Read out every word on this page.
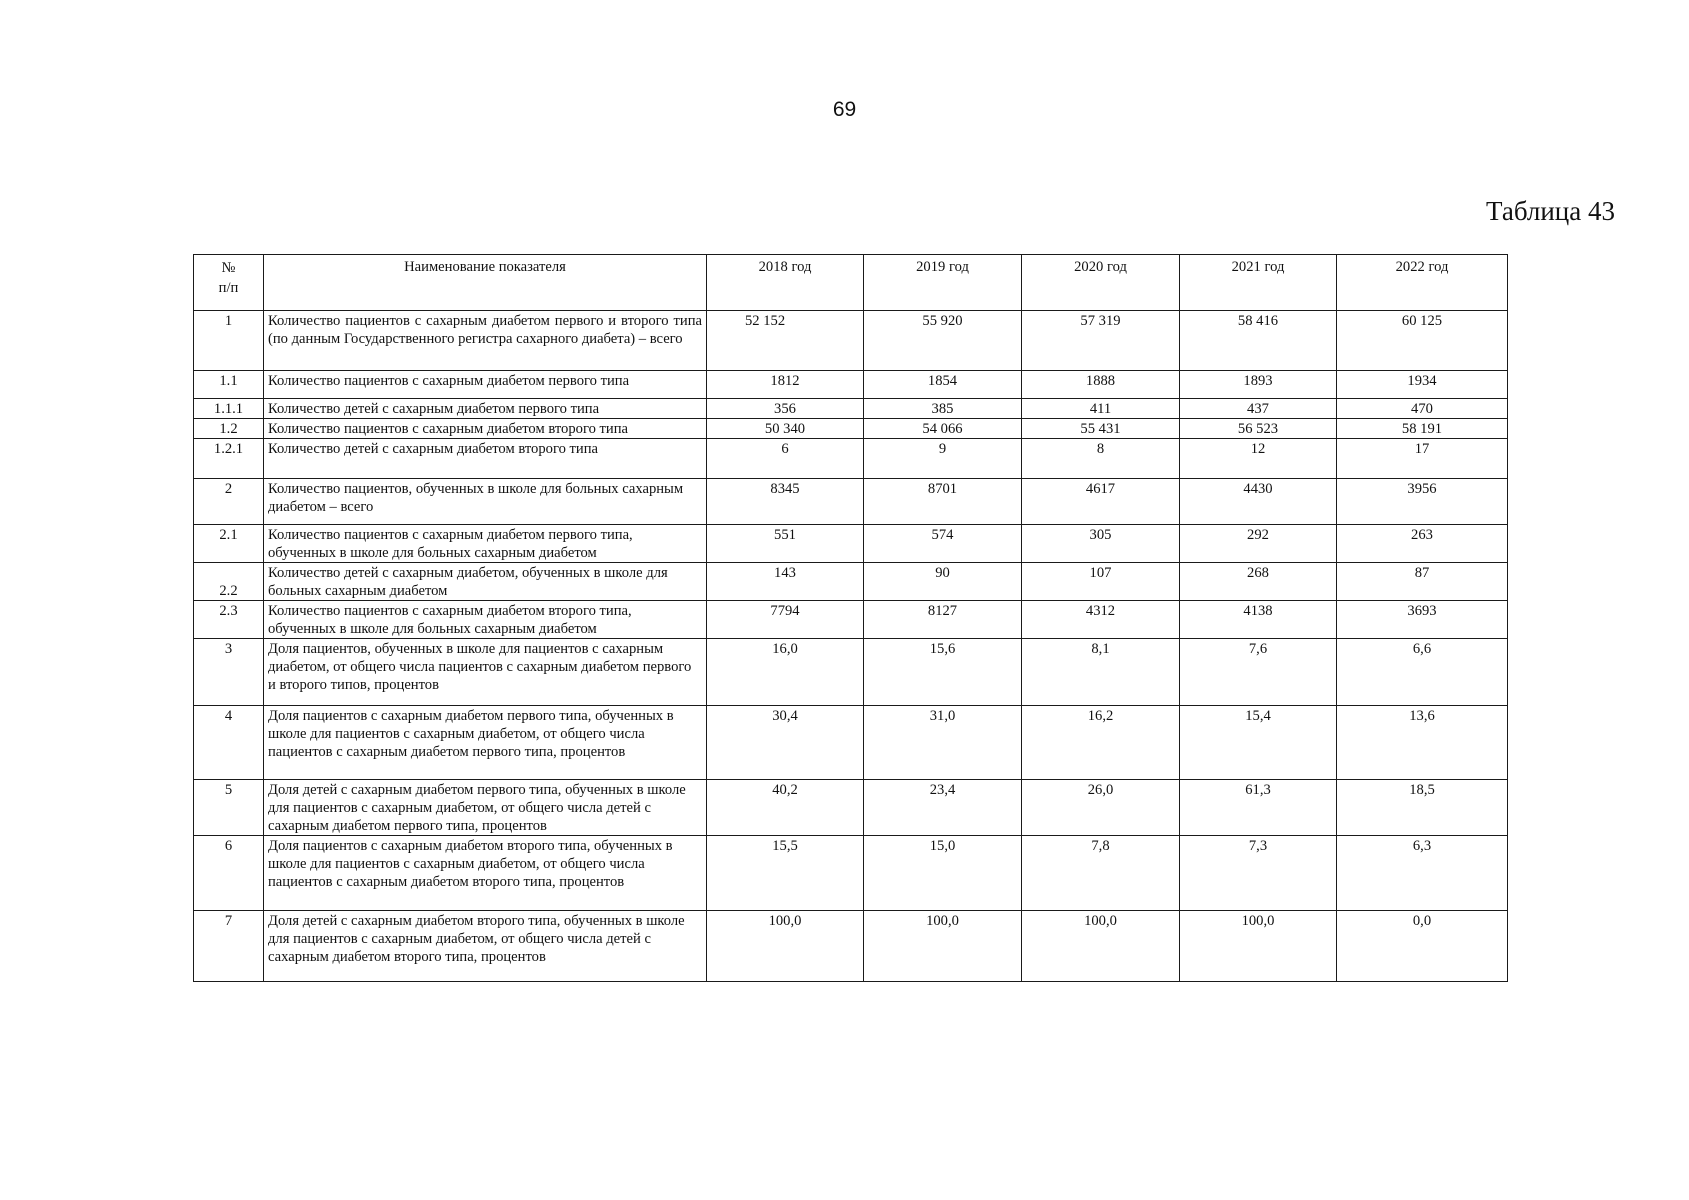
69
Таблица 43
№
п/п	Наименование показателя	2018 год	2019 год	2020 год	2021 год	2022 год
1	Количество пациентов с сахарным диабетом первого и второго типа (по данным Государственного регистра сахарного диабета) – всего	52 152	55 920	57 319	58 416	60 125
1.1	Количество пациентов с сахарным диабетом первого типа	1812	1854	1888	1893	1934
1.1.1	Количество детей с сахарным диабетом первого типа	356	385	411	437	470
1.2	Количество пациентов с сахарным диабетом второго типа	50 340	54 066	55 431	56 523	58 191
1.2.1	Количество детей с сахарным диабетом второго типа	6	9	8	12	17
2	Количество пациентов, обученных в школе для больных сахарным диабетом – всего	8345	8701	4617	4430	3956
2.1	Количество пациентов с сахарным диабетом первого типа, обученных в школе для больных сахарным диабетом	551	574	305	292	263
2.2	Количество детей с сахарным диабетом, обученных в школе для больных сахарным диабетом	143	90	107	268	87
2.3	Количество пациентов с сахарным диабетом второго типа, обученных в школе для больных сахарным диабетом	7794	8127	4312	4138	3693
3	Доля пациентов, обученных в школе для пациентов с сахарным диабетом, от общего числа пациентов с сахарным диабетом первого и второго типов, процентов	16,0	15,6	8,1	7,6	6,6
4	Доля пациентов с сахарным диабетом первого типа, обученных в школе для пациентов с сахарным диабетом, от общего числа пациентов с сахарным диабетом первого типа, процентов	30,4	31,0	16,2	15,4	13,6
5	Доля детей с сахарным диабетом первого типа, обученных в школе для пациентов с сахарным диабетом, от общего числа детей с сахарным диабетом первого типа, процентов	40,2	23,4	26,0	61,3	18,5
6	Доля пациентов с сахарным диабетом второго типа, обученных в школе для пациентов с сахарным диабетом, от общего числа пациентов с сахарным диабетом второго типа, процентов	15,5	15,0	7,8	7,3	6,3
7	Доля детей с сахарным диабетом второго типа, обученных в школе для пациентов с сахарным диабетом, от общего числа детей с сахарным диабетом второго типа, процентов	100,0	100,0	100,0	100,0	0,0
